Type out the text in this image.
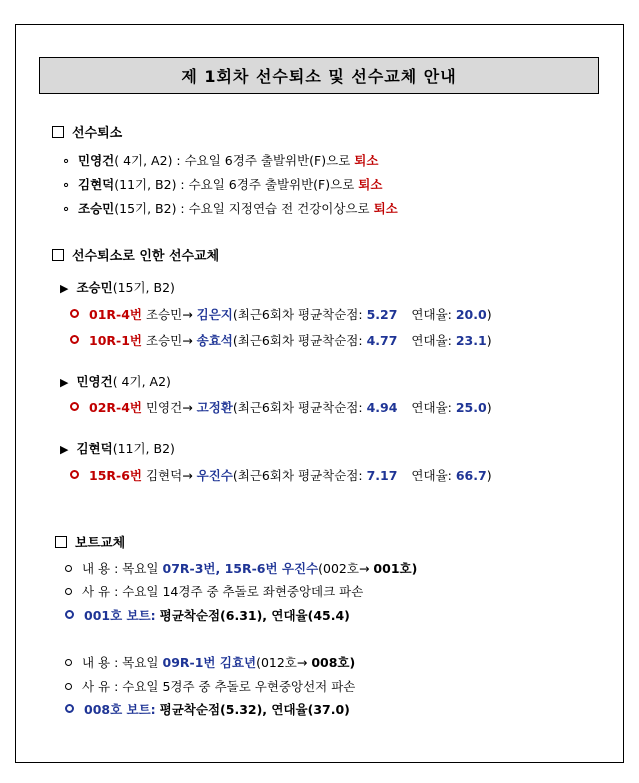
제 1회차 선수퇴소 및 선수교체 안내
선수퇴소
∘ 민영건( 4기, A2) : 수요일 6경주 출발위반(F)으로 퇴소
∘ 김현덕(11기, B2) : 수요일 6경주 출발위반(F)으로 퇴소
∘ 조승민(15기, B2) : 수요일 지정연습 전 건강이상으로 퇴소
선수퇴소로 인한 선수교체
▶ 조승민(15기, B2)
01R-4번 조승민→ 김은지(최근6회차 평균착순점: 5.27 연대율: 20.0)
10R-1번 조승민→ 송효석(최근6회차 평균착순점: 4.77 연대율: 23.1)
▶ 민영건( 4기, A2)
02R-4번 민영건→ 고정환(최근6회차 평균착순점: 4.94 연대율: 25.0)
▶ 김현덕(11기, B2)
15R-6번 김현덕→ 우진수(최근6회차 평균착순점: 7.17 연대율: 66.7)
보트교체
내 용 : 목요일 07R-3번, 15R-6번 우진수(002호→ 001호)
사 유 : 수요일 14경주 중 추돌로 좌현중앙데크 파손
001호 보트: 평균착순점(6.31), 연대율(45.4)
내 용 : 목요일 09R-1번 김효년(012호→ 008호)
사 유 : 수요일 5경주 중 추돌로 우현중앙선저 파손
008호 보트: 평균착순점(5.32), 연대율(37.0)
